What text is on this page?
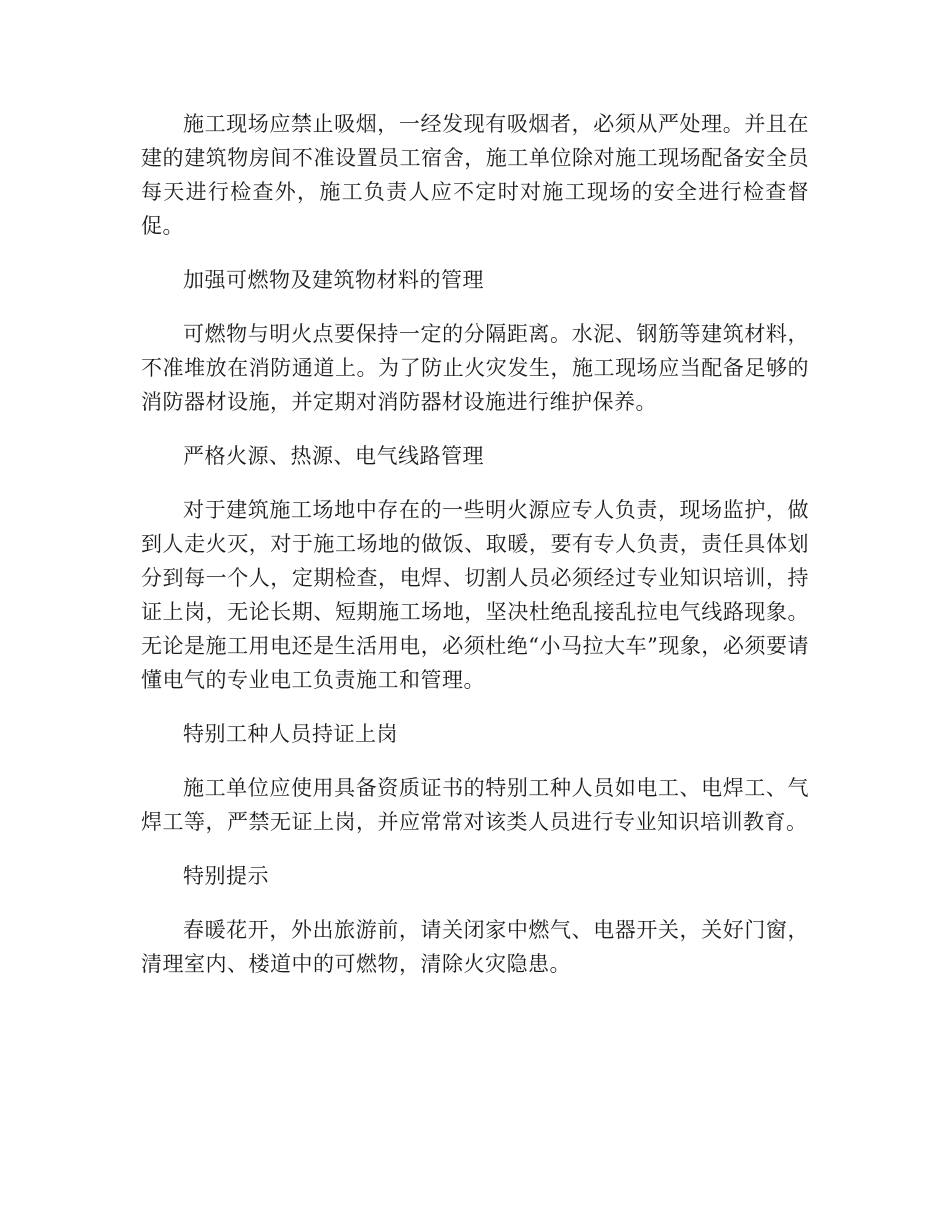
施工现场应禁止吸烟，一经发现有吸烟者，必须从严处理。并且在建的建筑物房间不准设置员工宿舍，施工单位除对施工现场配备安全员每天进行检查外，施工负责人应不定时对施工现场的安全进行检查督促。

加强可燃物及建筑物材料的管理

可燃物与明火点要保持一定的分隔距离。水泥、钢筋等建筑材料，不准堆放在消防通道上。为了防止火灾发生，施工现场应当配备足够的消防器材设施，并定期对消防器材设施进行维护保养。

严格火源、热源、电气线路管理

对于建筑施工场地中存在的一些明火源应专人负责，现场监护，做到人走火灭，对于施工场地的做饭、取暖，要有专人负责，责任具体划分到每一个人，定期检查，电焊、切割人员必须经过专业知识培训，持证上岗，无论长期、短期施工场地，坚决杜绝乱接乱拉电气线路现象。无论是施工用电还是生活用电，必须杜绝“小马拉大车”现象，必须要请懂电气的专业电工负责施工和管理。

特别工种人员持证上岗

施工单位应使用具备资质证书的特别工种人员如电工、电焊工、气焊工等，严禁无证上岗，并应常常对该类人员进行专业知识培训教育。

特别提示

春暖花开，外出旅游前，请关闭家中燃气、电器开关，关好门窗，清理室内、楼道中的可燃物，清除火灾隐患。
